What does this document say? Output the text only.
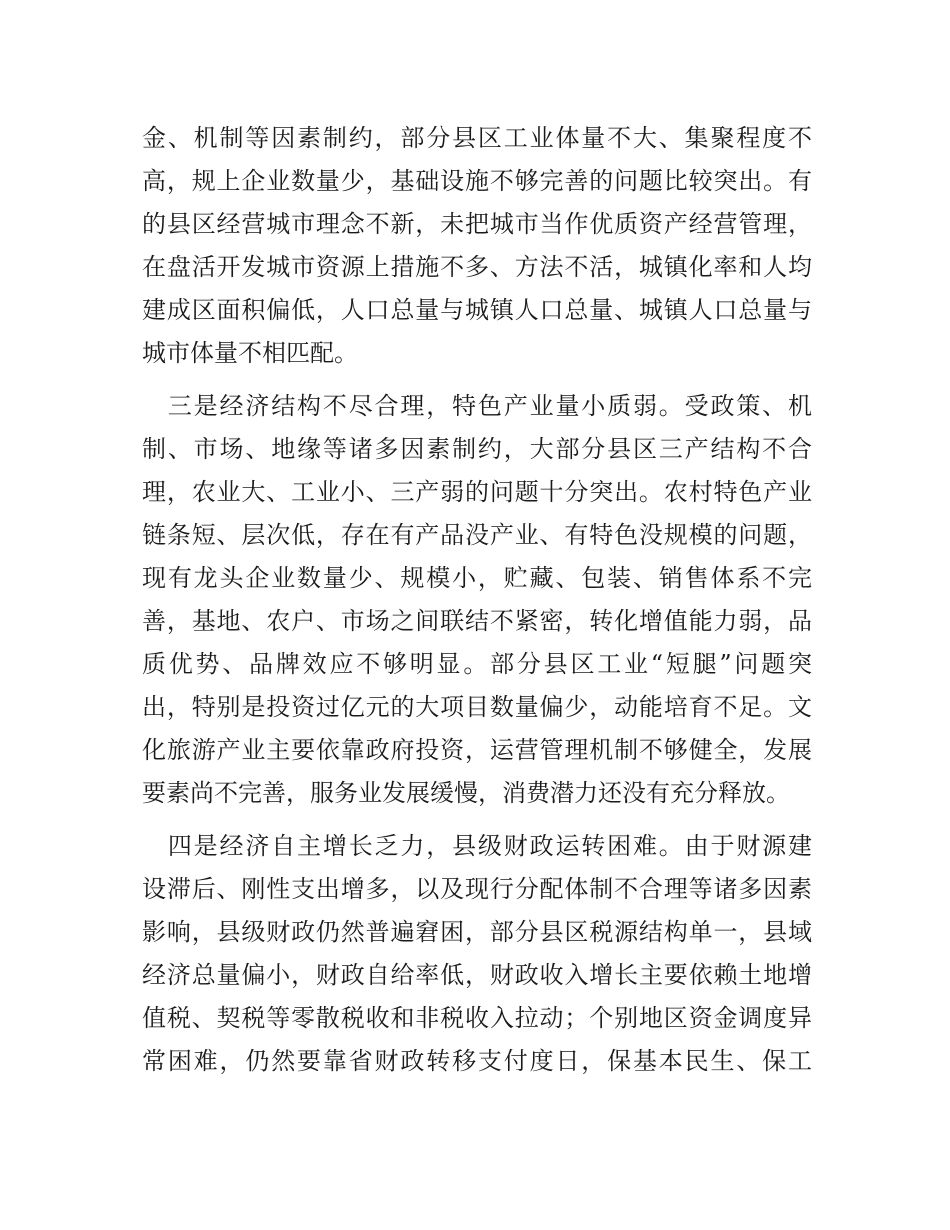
金、机制等因素制约，部分县区工业体量不大、集聚程度不
高，规上企业数量少，基础设施不够完善的问题比较突出。有
的县区经营城市理念不新，未把城市当作优质资产经营管理，
在盘活开发城市资源上措施不多、方法不活，城镇化率和人均
建成区面积偏低，人口总量与城镇人口总量、城镇人口总量与
城市体量不相匹配。
　三是经济结构不尽合理，特色产业量小质弱。受政策、机
制、市场、地缘等诸多因素制约，大部分县区三产结构不合
理，农业大、工业小、三产弱的问题十分突出。农村特色产业
链条短、层次低，存在有产品没产业、有特色没规模的问题，
现有龙头企业数量少、规模小，贮藏、包装、销售体系不完
善，基地、农户、市场之间联结不紧密，转化增值能力弱，品
质优势、品牌效应不够明显。部分县区工业“短腿”问题突
出，特别是投资过亿元的大项目数量偏少，动能培育不足。文
化旅游产业主要依靠政府投资，运营管理机制不够健全，发展
要素尚不完善，服务业发展缓慢，消费潜力还没有充分释放。
　四是经济自主增长乏力，县级财政运转困难。由于财源建
设滞后、刚性支出增多，以及现行分配体制不合理等诸多因素
影响，县级财政仍然普遍窘困，部分县区税源结构单一，县域
经济总量偏小，财政自给率低，财政收入增长主要依赖土地增
值税、契税等零散税收和非税收入拉动；个别地区资金调度异
常困难，仍然要靠省财政转移支付度日，保基本民生、保工
